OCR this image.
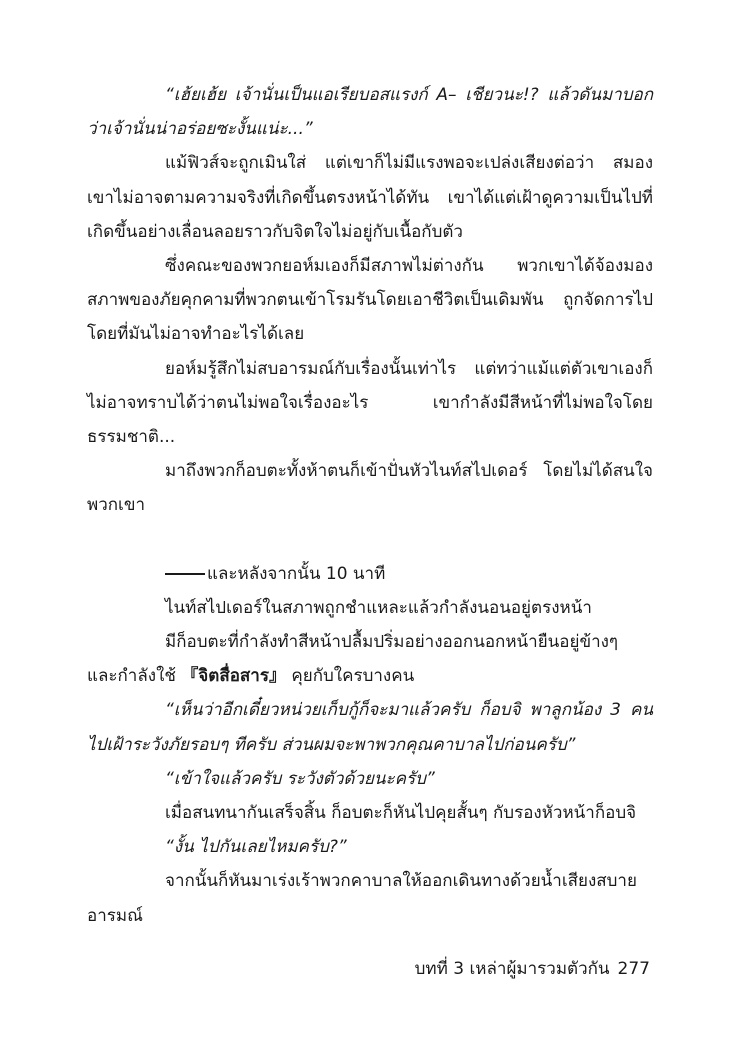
“เฮ้ยเฮ้ย เจ้านั่นเป็นแอเรียบอสแรงก์ A– เชียวนะ!? แล้วดันมาบอกว่าเจ้านั่นน่าอร่อยซะงั้นแน่ะ...”

แม้ฟิวส์จะถูกเมินใส่ แต่เขาก็ไม่มีแรงพอจะเปล่งเสียงต่อว่า สมองเขาไม่อาจตามความจริงที่เกิดขึ้นตรงหน้าได้ทัน เขาได้แต่เฝ้าดูความเป็นไปที่เกิดขึ้นอย่างเลื่อนลอยราวกับจิตใจไม่อยู่กับเนื้อกับตัว

ซึ่งคณะของพวกยอห์มเองก็มีสภาพไม่ต่างกัน พวกเขาได้จ้องมองสภาพของภัยคุกคามที่พวกตนเข้าโรมรันโดยเอาชีวิตเป็นเดิมพัน ถูกจัดการไปโดยที่มันไม่อาจทำอะไรได้เลย

ยอห์มรู้สึกไม่สบอารมณ์กับเรื่องนั้นเท่าไร แต่ทว่าแม้แต่ตัวเขาเองก็ไม่อาจทราบได้ว่าตนไม่พอใจเรื่องอะไร เขากำลังมีสีหน้าที่ไม่พอใจโดยธรรมชาติ...

มาถึงพวกก็อบตะทั้งห้าตนก็เข้าปั่นหัวไนท์สไปเดอร์ โดยไม่ได้สนใจพวกเขา

และหลังจากนั้น 10 นาที

ไนท์สไปเดอร์ในสภาพถูกชำแหละแล้วกำลังนอนอยู่ตรงหน้า

มีก็อบตะที่กำลังทำสีหน้าปลื้มปริ่มอย่างออกนอกหน้ายืนอยู่ข้างๆ และกำลังใช้ 『จิตสื่อสาร』 คุยกับใครบางคน

“เห็นว่าอีกเดี๋ยวหน่วยเก็บกู้ก็จะมาแล้วครับ ก็อบจิ พาลูกน้อง 3 คนไปเฝ้าระวังภัยรอบๆ ทีครับ ส่วนผมจะพาพวกคุณคาบาลไปก่อนครับ”

“เข้าใจแล้วครับ ระวังตัวด้วยนะครับ”

เมื่อสนทนากันเสร็จสิ้น ก็อบตะก็หันไปคุยสั้นๆ กับรองหัวหน้าก็อบจิ

“งั้น ไปกันเลยไหมครับ?”

จากนั้นก็หันมาเร่งเร้าพวกคาบาลให้ออกเดินทางด้วยน้ำเสียงสบายอารมณ์

บทที่ 3 เหล่าผู้มารวมตัวกัน 277
